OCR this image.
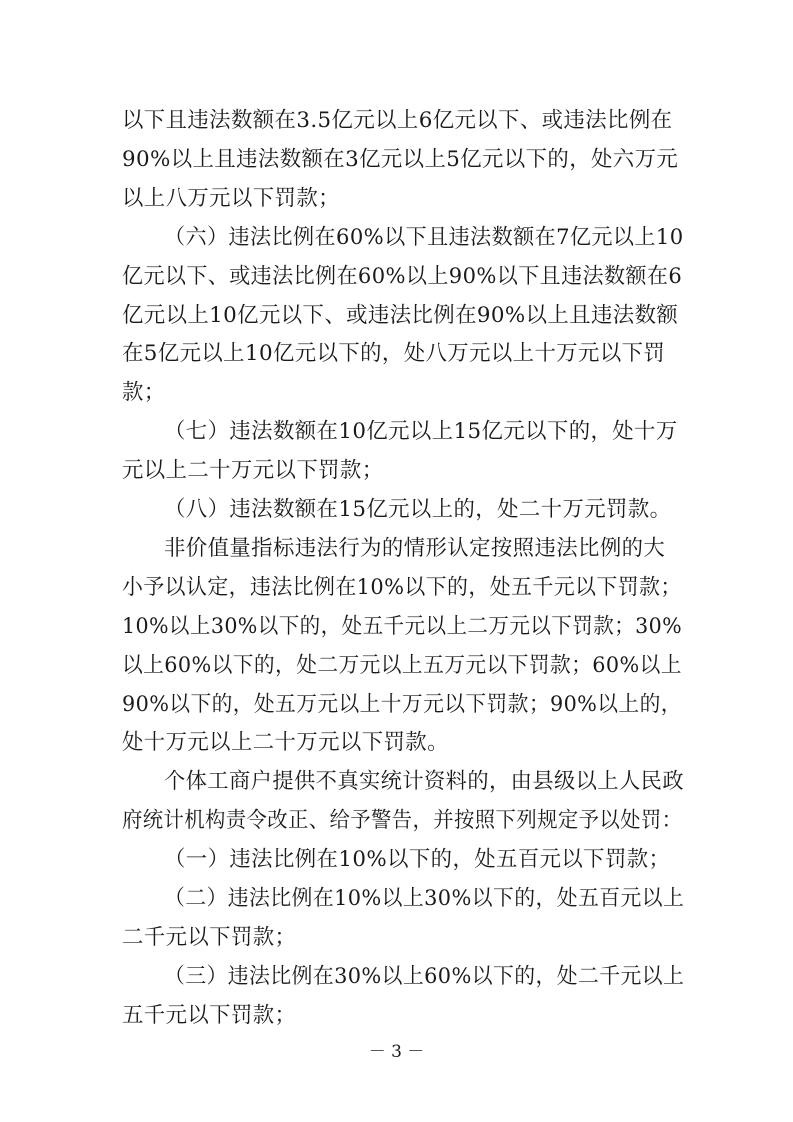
以下且违法数额在3.5亿元以上6亿元以下、或违法比例在
90%以上且违法数额在3亿元以上5亿元以下的，处六万元
以上八万元以下罚款；
（六）违法比例在60%以下且违法数额在7亿元以上10
亿元以下、或违法比例在60%以上90%以下且违法数额在6
亿元以上10亿元以下、或违法比例在90%以上且违法数额
在5亿元以上10亿元以下的，处八万元以上十万元以下罚
款；
（七）违法数额在10亿元以上15亿元以下的，处十万
元以上二十万元以下罚款；
（八）违法数额在15亿元以上的，处二十万元罚款。
非价值量指标违法行为的情形认定按照违法比例的大
小予以认定，违法比例在10%以下的，处五千元以下罚款；
10%以上30%以下的，处五千元以上二万元以下罚款；30%
以上60%以下的，处二万元以上五万元以下罚款；60%以上
90%以下的，处五万元以上十万元以下罚款；90%以上的，
处十万元以上二十万元以下罚款。
个体工商户提供不真实统计资料的，由县级以上人民政
府统计机构责令改正、给予警告，并按照下列规定予以处罚：
（一）违法比例在10%以下的，处五百元以下罚款；
（二）违法比例在10%以上30%以下的，处五百元以上
二千元以下罚款；
（三）违法比例在30%以上60%以下的，处二千元以上
五千元以下罚款；
－ 3 －
